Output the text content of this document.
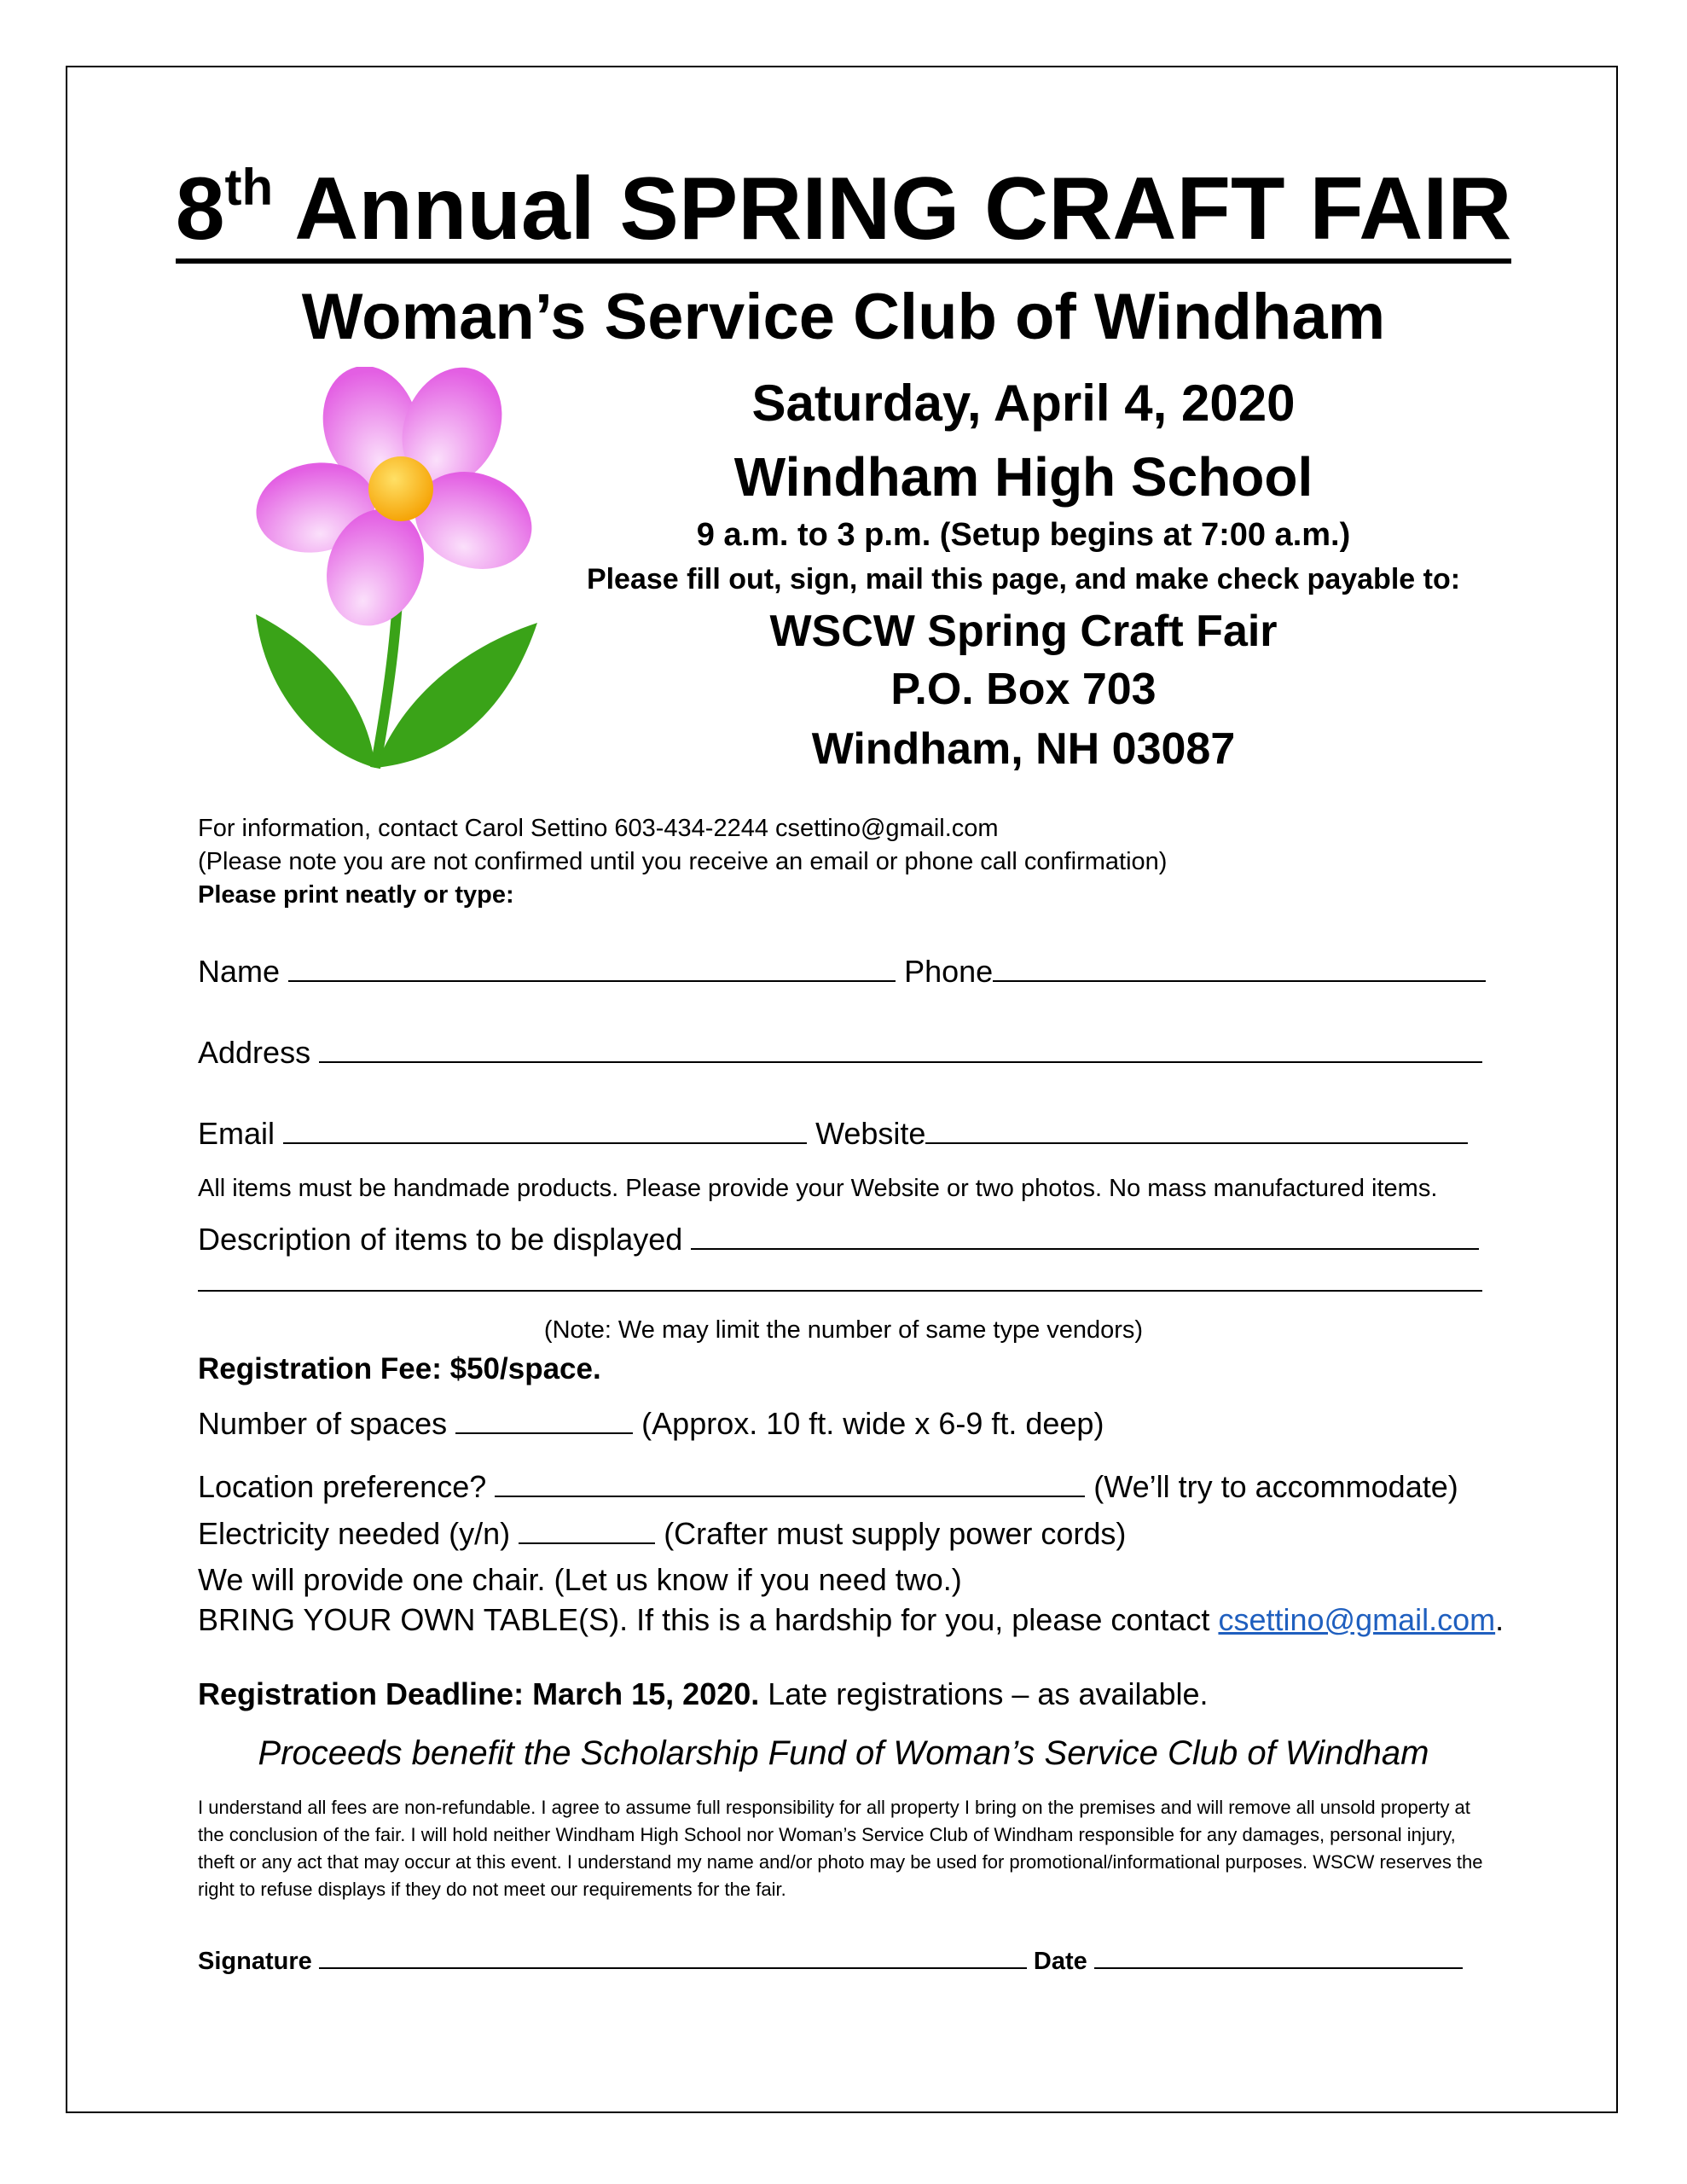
8th Annual SPRING CRAFT FAIR
Woman’s Service Club of Windham
Saturday, April 4, 2020
Windham High School
9 a.m. to 3 p.m. (Setup begins at 7:00 a.m.)
Please fill out, sign, mail this page, and make check payable to:
WSCW Spring Craft Fair
P.O. Box 703
Windham, NH 03087
For information, contact Carol Settino 603-434-2244 csettino@gmail.com
(Please note you are not confirmed until you receive an email or phone call confirmation)
Please print neatly or type:
Name	Phone
Address
Email	Website
All items must be handmade products. Please provide your Website or two photos. No mass manufactured items.
Description of items to be displayed
(Note: We may limit the number of same type vendors)
Registration Fee: $50/space.
Number of spaces	(Approx. 10 ft. wide x 6-9 ft. deep)
Location preference?	(We’ll try to accommodate)
Electricity needed (y/n)	(Crafter must supply power cords)
We will provide one chair. (Let us know if you need two.)
BRING YOUR OWN TABLE(S). If this is a hardship for you, please contact csettino@gmail.com.
Registration Deadline: March 15, 2020. Late registrations – as available.
Proceeds benefit the Scholarship Fund of Woman’s Service Club of Windham
I understand all fees are non-refundable. I agree to assume full responsibility for all property I bring on the premises and will remove all unsold property at the conclusion of the fair. I will hold neither Windham High School nor Woman’s Service Club of Windham responsible for any damages, personal injury, theft or any act that may occur at this event. I understand my name and/or photo may be used for promotional/informational purposes. WSCW reserves the right to refuse displays if they do not meet our requirements for the fair.
Signature	Date
